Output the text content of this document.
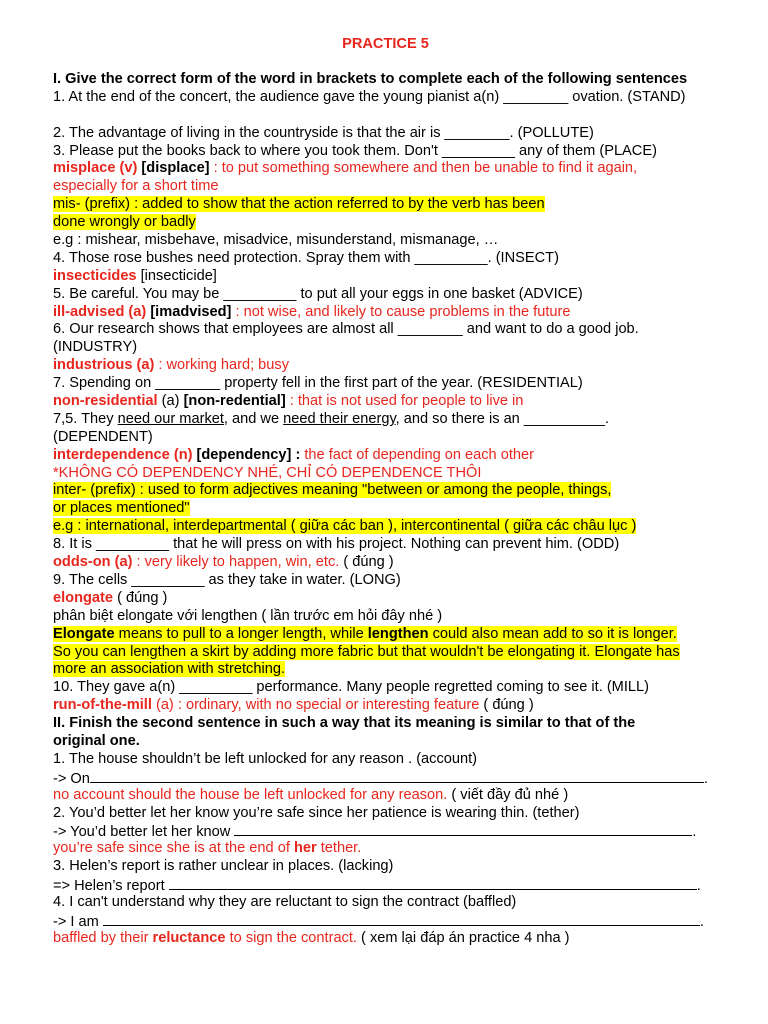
PRACTICE 5
I. Give the correct form of the word in brackets to complete each of the following sentences
1. At the end of the concert, the audience gave the young pianist a(n) ________ ovation. (STAND)
2. The advantage of living in the countryside is that the air is ________. (POLLUTE)
3. Please put the books back to where you took them. Don't _________ any of them (PLACE)
misplace (v) [displace] : to put something somewhere and then be unable to find it again,
especially for a short time
mis- (prefix) : added to show that the action referred to by the verb has been
done wrongly or badly
e.g : mishear, misbehave, misadvice, misunderstand, mismanage, …
4. Those rose bushes need protection. Spray them with _________. (INSECT)
insecticides [insecticide]
5. Be careful. You may be _________ to put all your eggs in one basket (ADVICE)
ill-advised (a) [imadvised] : not wise, and likely to cause problems in the future
6. Our research shows that employees are almost all ________ and want to do a good job.
(INDUSTRY)
industrious (a) : working hard; busy
7. Spending on ________ property fell in the first part of the year. (RESIDENTIAL)
non-residential (a) [non-redential] : that is not used for people to live in
7,5. They need our market, and we need their energy, and so there is an __________.
(DEPENDENT)
interdependence (n) [dependency] : the fact of depending on each other
*KHÔNG CÓ DEPENDENCY NHÉ, CHỈ CÓ DEPENDENCE THÔI
inter- (prefix) : used to form adjectives meaning "between or among the people, things,
or places mentioned"
e.g : international, interdepartmental ( giữa các ban ), intercontinental ( giữa các châu lục )
8. It is _________ that he will press on with his project. Nothing can prevent him. (ODD)
odds-on (a) : very likely to happen, win, etc. ( đúng )
9. The cells _________ as they take in water. (LONG)
elongate ( đúng )
phân biệt elongate với lengthen ( lần trước em hỏi đây nhé )
Elongate means to pull to a longer length, while lengthen could also mean add to so it is longer.
So you can lengthen a skirt by adding more fabric but that wouldn't be elongating it. Elongate has
more an association with stretching.
10. They gave a(n) _________ performance. Many people regretted coming to see it. (MILL)
run-of-the-mill (a) : ordinary, with no special or interesting feature ( đúng )
II. Finish the second sentence in such a way that its meaning is similar to that of the
original one.
1. The house shouldn’t be left unlocked for any reason . (account)
-> On	.
no account should the house be left unlocked for any reason. ( viết đầy đủ nhé )
2. You’d better let her know you’re safe since her patience is wearing thin. (tether)
-> You’d better let her know	.
you’re safe since she is at the end of her tether.
3. Helen’s report is rather unclear in places. (lacking)
=> Helen’s report	.
4. I can't understand why they are reluctant to sign the contract (baffled)
-> I am	.
baffled by their reluctance to sign the contract. ( xem lại đáp án practice 4 nha )
